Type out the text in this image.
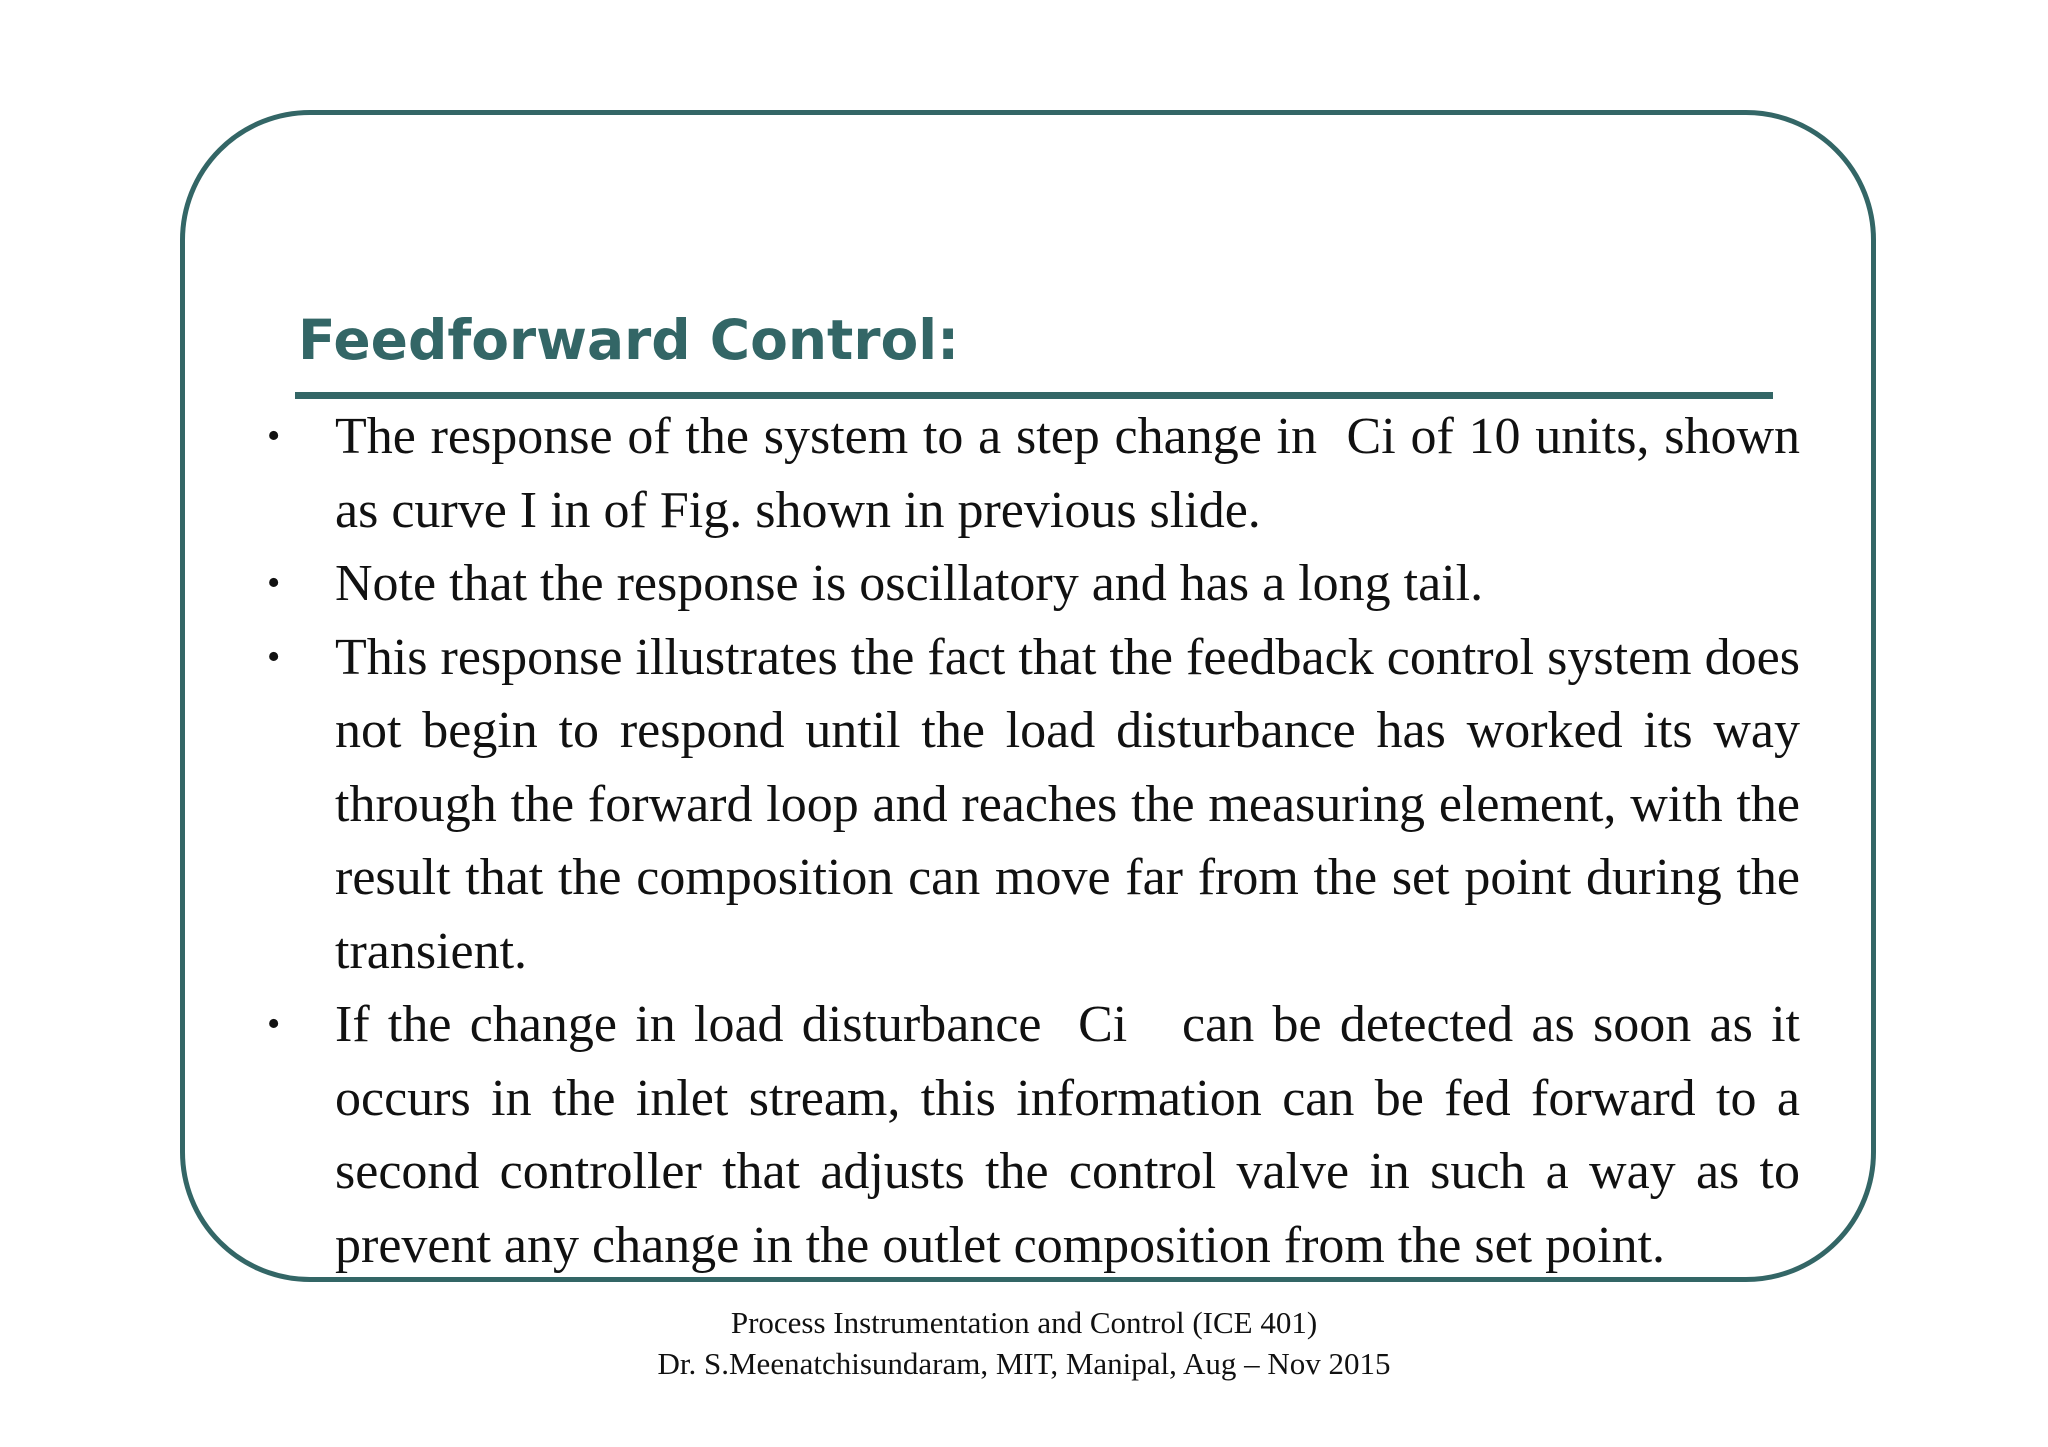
Feedforward Control:
• The response of the system to a step change in  Ci of 10 units, shown as curve I in of Fig. shown in previous slide.
• Note that the response is oscillatory and has a long tail.
• This response illustrates the fact that the feedback control system does not begin to respond until the load disturbance has worked its way through the forward loop and reaches the measuring element, with the result that the composition can move far from the set point during the transient.
• If the change in load disturbance  Ci   can be detected as soon as it occurs in the inlet stream, this information can be fed forward to a second controller that adjusts the control valve in such a way as to prevent any change in the outlet composition from the set point.
Process Instrumentation and Control (ICE 401)
Dr. S.Meenatchisundaram, MIT, Manipal, Aug – Nov 2015
